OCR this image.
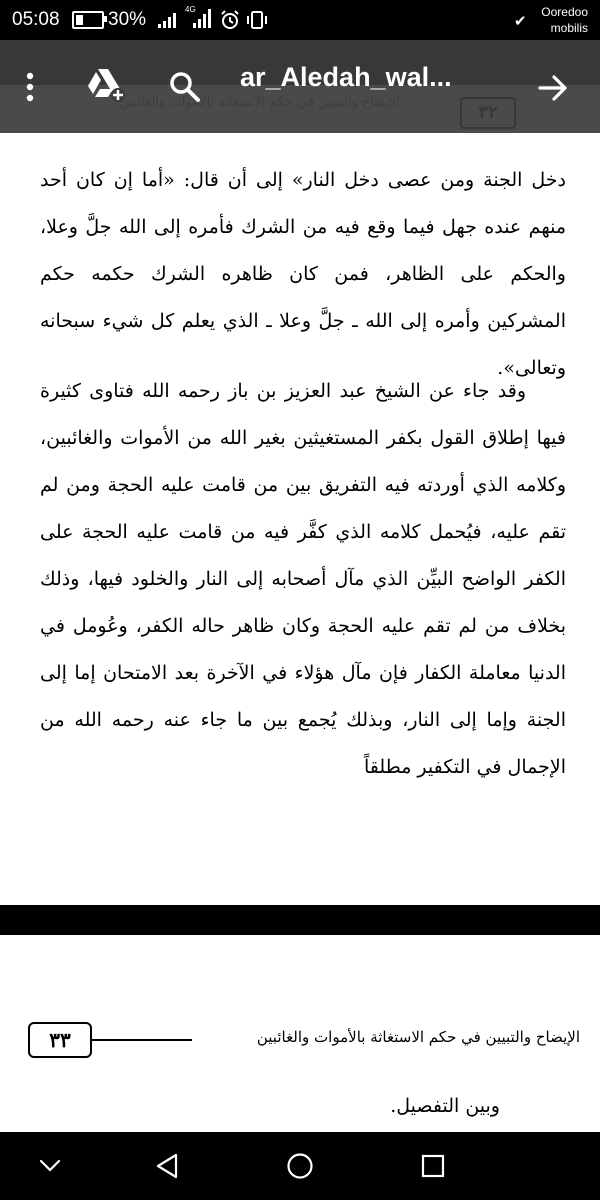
05:08	30%	4G
✔
Ooredoo
mobilis
دخل الجنة ومن عصى دخل النار» إلى أن قال: «أما إن كان أحد منهم عنده جهل فيما وقع فيه من الشرك فأمره إلى الله جلَّ وعلا، والحكم على الظاهر، فمن كان ظاهره الشرك حكمه حكم المشركين وأمره إلى الله ـ جلَّ وعلا ـ الذي يعلم كل شيء سبحانه وتعالى».
وقد جاء عن الشيخ عبد العزيز بن باز رحمه الله فتاوى كثيرة فيها إطلاق القول بكفر المستغيثين بغير الله من الأموات والغائبين، وكلامه الذي أوردته فيه التفريق بين من قامت عليه الحجة ومن لم تقم عليه، فيُحمل كلامه الذي كفَّر فيه من قامت عليه الحجة على الكفر الواضح البيِّن الذي مآل أصحابه إلى النار والخلود فيها، وذلك بخلاف من لم تقم عليه الحجة وكان ظاهر حاله الكفر، وعُومل في الدنيا معاملة الكفار فإن مآل هؤلاء في الآخرة بعد الامتحان إما إلى الجنة وإما إلى النار، وبذلك يُجمع بين ما جاء عنه رحمه الله من الإجمال في التكفير مطلقاً
ar_Aledah_wal...
٣٣	الإيضاح والتبيين في حكم الاستغاثة بالأموات والغائبين
وبين التفصيل.
